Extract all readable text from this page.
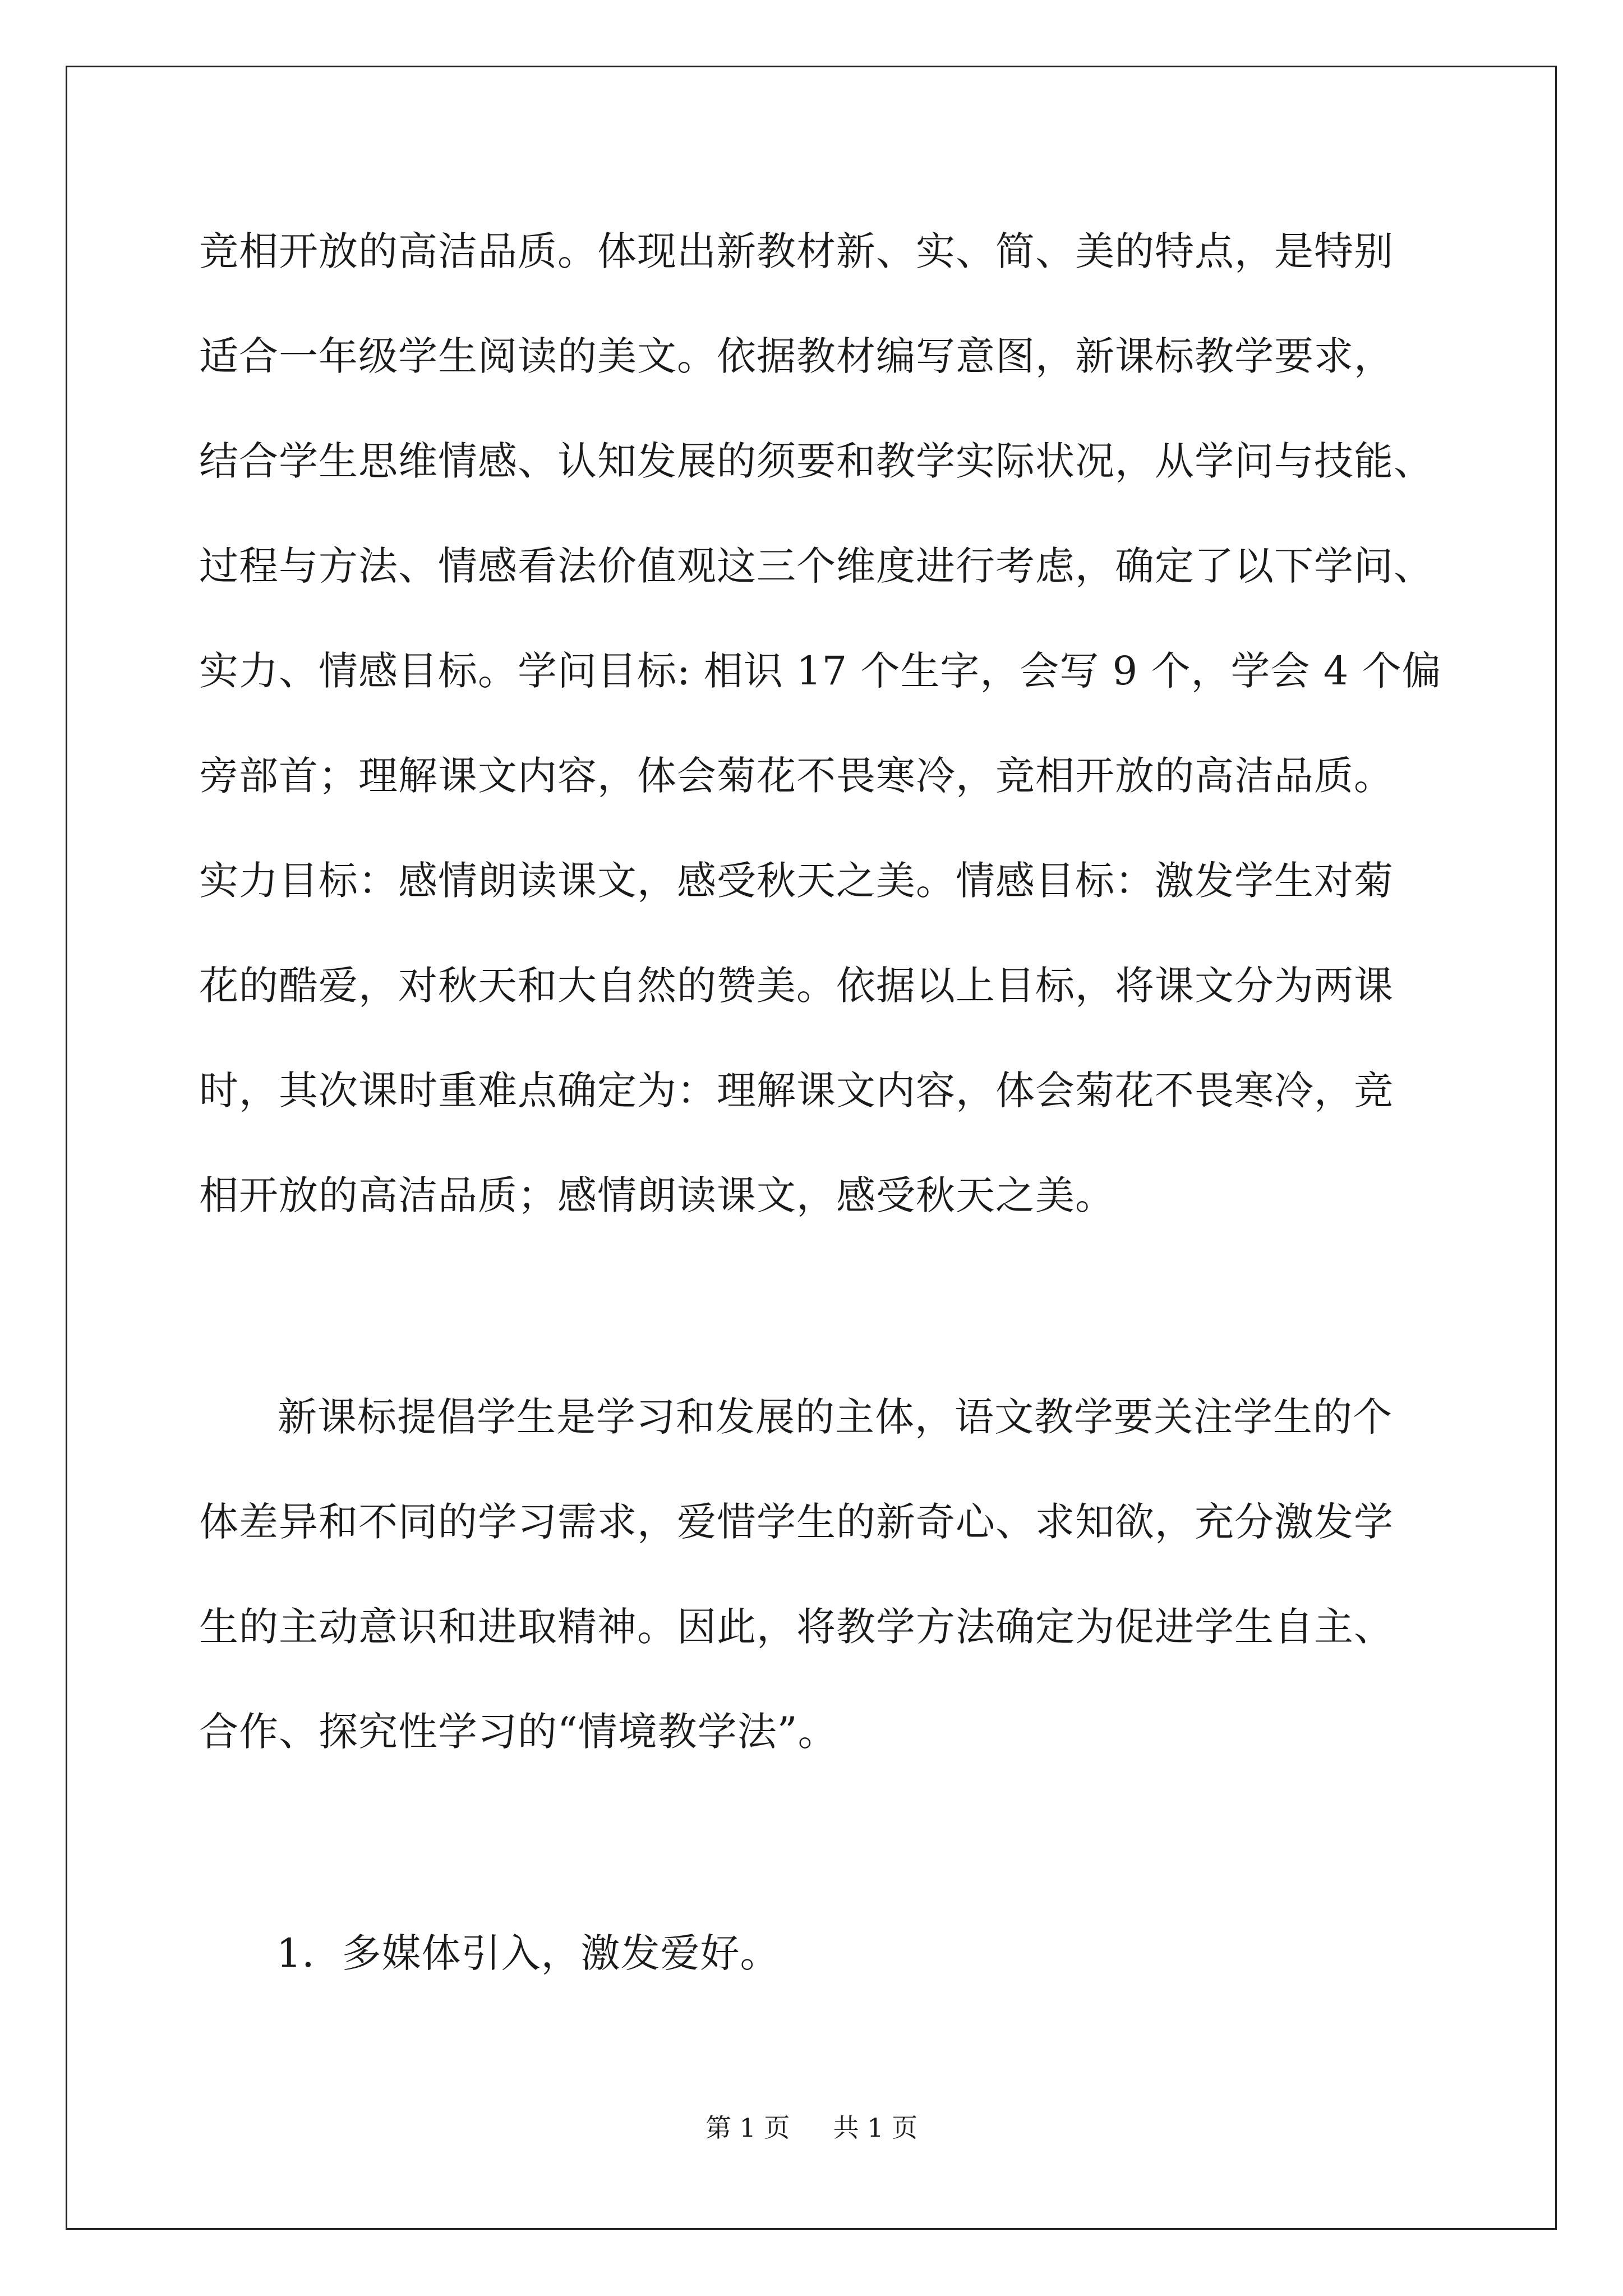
竞相开放的高洁品质。体现出新教材新、实、简、美的特点，是特别
适合一年级学生阅读的美文。依据教材编写意图，新课标教学要求，
结合学生思维情感、认知发展的须要和教学实际状况，从学问与技能、
过程与方法、情感看法价值观这三个维度进行考虑，确定了以下学问、
实力、情感目标。学问目标: 相识 17 个生字，会写 9 个，学会 4 个偏
旁部首；理解课文内容，体会菊花不畏寒冷，竞相开放的高洁品质。
实力目标：感情朗读课文，感受秋天之美。情感目标：激发学生对菊
花的酷爱，对秋天和大自然的赞美。依据以上目标，将课文分为两课
时，其次课时重难点确定为：理解课文内容，体会菊花不畏寒冷，竞
相开放的高洁品质；感情朗读课文，感受秋天之美。
新课标提倡学生是学习和发展的主体，语文教学要关注学生的个
体差异和不同的学习需求，爱惜学生的新奇心、求知欲，充分激发学
生的主动意识和进取精神。因此，将教学方法确定为促进学生自主、
合作、探究性学习的“情境教学法”。
1．多媒体引入，激发爱好。
第 1 页 共 1 页
